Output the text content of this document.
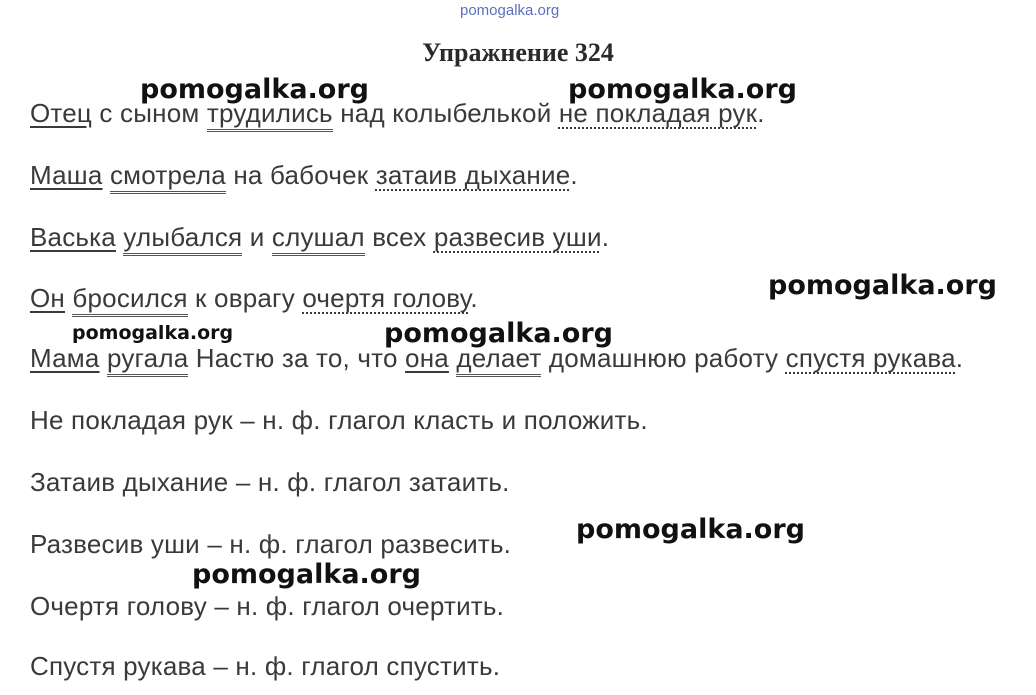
pomogalka.org
Упражнение 324
Отец с сыном трудились над колыбелькой не покладая рук.
Маша смотрела на бабочек затаив дыхание.
Васька улыбался и слушал всех развесив уши.
Он бросился к оврагу очертя голову.
Мама ругала Настю за то, что она делает домашнюю работу спустя рукава.
Не покладая рук – н. ф. глагол класть и положить.
Затаив дыхание – н. ф. глагол затаить.
Развесив уши – н. ф. глагол развесить.
Очертя голову – н. ф. глагол очертить.
Спустя рукава – н. ф. глагол спустить.
pomogalka.org	pomogalka.org
pomogalka.org
pomogalka.org	pomogalka.org
pomogalka.org
pomogalka.org
